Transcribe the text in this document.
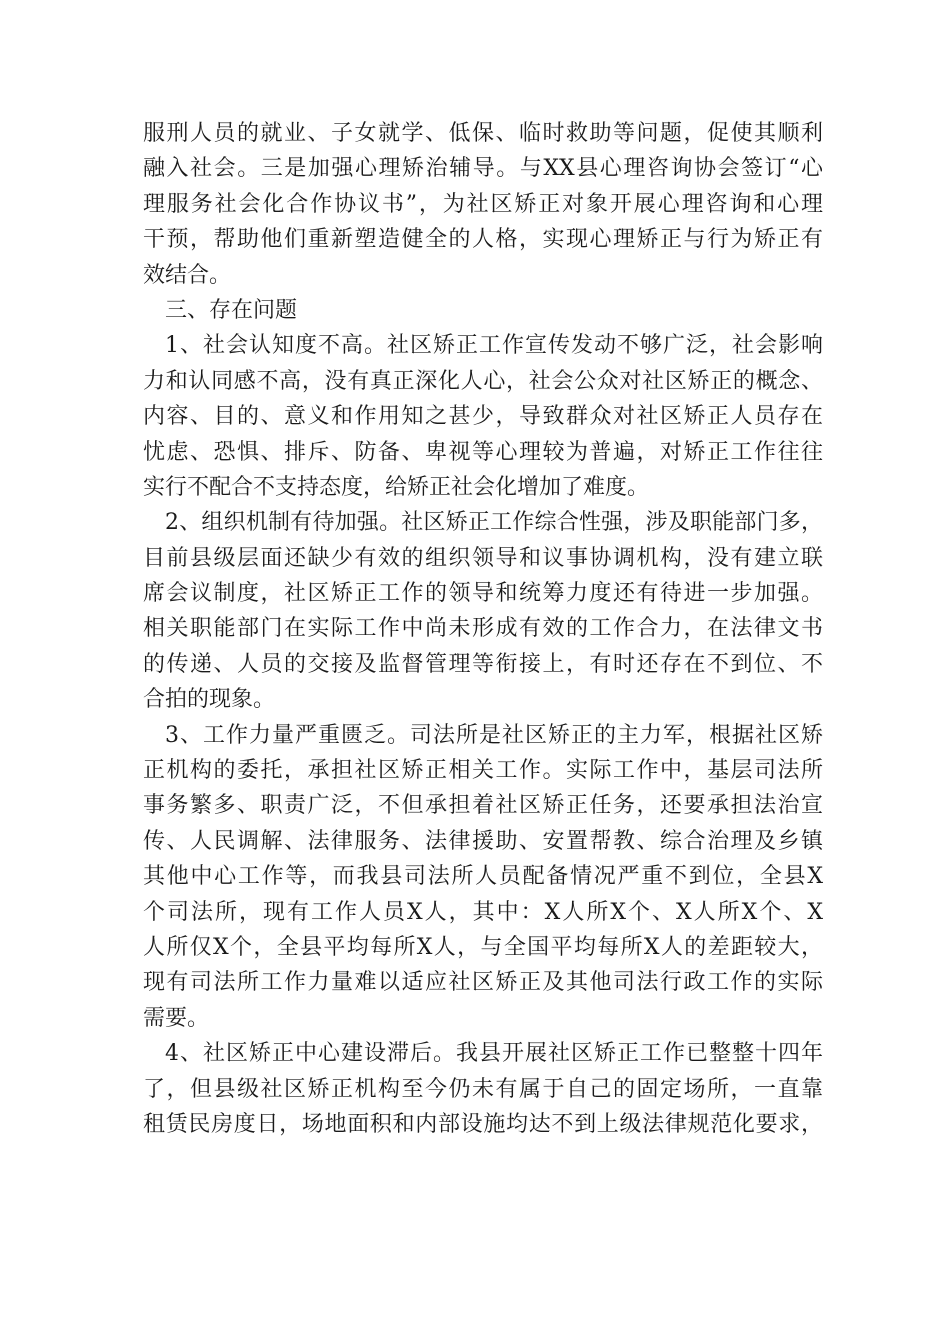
服刑人员的就业、子女就学、低保、临时救助等问题，促使其顺利
融入社会。三是加强心理矫治辅导。与XX县心理咨询协会签订“心
理服务社会化合作协议书”，为社区矫正对象开展心理咨询和心理
干预，帮助他们重新塑造健全的人格，实现心理矫正与行为矫正有
效结合。
三、存在问题
1、社会认知度不高。社区矫正工作宣传发动不够广泛，社会影响
力和认同感不高，没有真正深化人心，社会公众对社区矫正的概念、
内容、目的、意义和作用知之甚少，导致群众对社区矫正人员存在
忧虑、恐惧、排斥、防备、卑视等心理较为普遍，对矫正工作往往
实行不配合不支持态度，给矫正社会化增加了难度。
2、组织机制有待加强。社区矫正工作综合性强，涉及职能部门多，
目前县级层面还缺少有效的组织领导和议事协调机构，没有建立联
席会议制度，社区矫正工作的领导和统筹力度还有待进一步加强。
相关职能部门在实际工作中尚未形成有效的工作合力，在法律文书
的传递、人员的交接及监督管理等衔接上，有时还存在不到位、不
合拍的现象。
3、工作力量严重匮乏。司法所是社区矫正的主力军，根据社区矫
正机构的委托，承担社区矫正相关工作。实际工作中，基层司法所
事务繁多、职责广泛，不但承担着社区矫正任务，还要承担法治宣
传、人民调解、法律服务、法律援助、安置帮教、综合治理及乡镇
其他中心工作等，而我县司法所人员配备情况严重不到位，全县X
个司法所，现有工作人员X人，其中：X人所X个、X人所X个、X
人所仅X个，全县平均每所X人，与全国平均每所X人的差距较大，
现有司法所工作力量难以适应社区矫正及其他司法行政工作的实际
需要。
4、社区矫正中心建设滞后。我县开展社区矫正工作已整整十四年
了，但县级社区矫正机构至今仍未有属于自己的固定场所，一直靠
租赁民房度日，场地面积和内部设施均达不到上级法律规范化要求，
